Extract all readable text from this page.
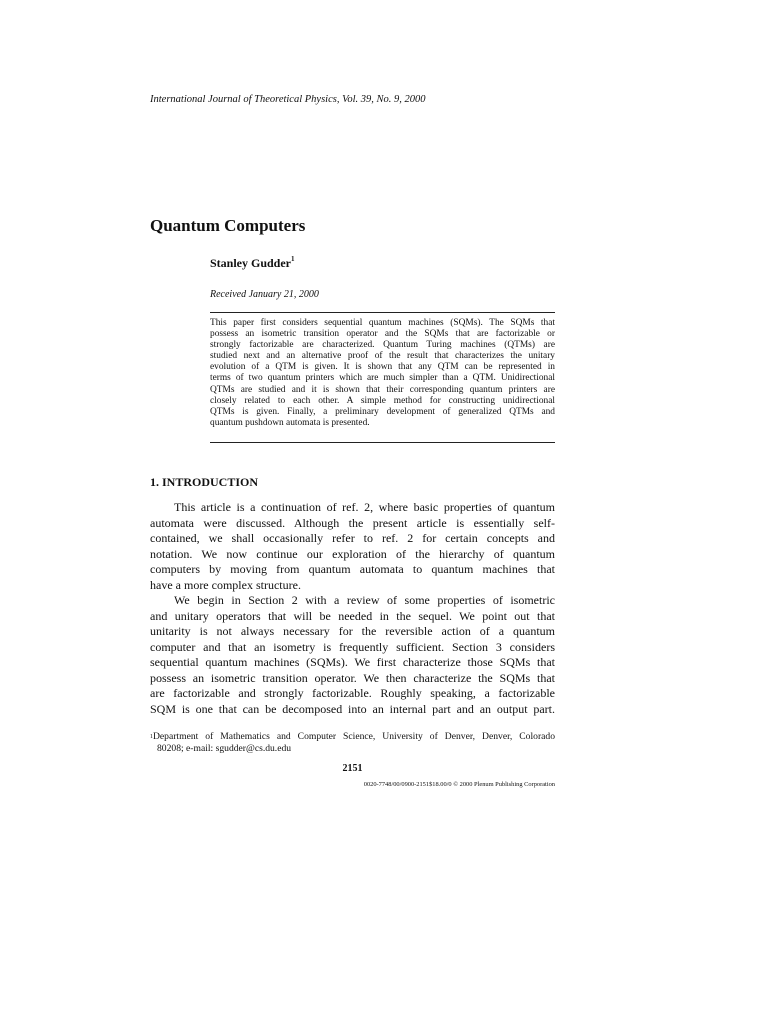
International Journal of Theoretical Physics, Vol. 39, No. 9, 2000
Quantum Computers
Stanley Gudder$^1$
Received January 21, 2000
This paper first considers sequential quantum machines (SQMs). The SQMs that
possess an isometric transition operator and the SQMs that are factorizable or
strongly factorizable are characterized. Quantum Turing machines (QTMs) are
studied next and an alternative proof of the result that characterizes the unitary
evolution of a QTM is given. It is shown that any QTM can be represented in
terms of two quantum printers which are much simpler than a QTM. Unidirectional
QTMs are studied and it is shown that their corresponding quantum printers are
closely related to each other. A simple method for constructing unidirectional
QTMs is given. Finally, a preliminary development of generalized QTMs and
quantum pushdown automata is presented.
1. INTRODUCTION
This article is a continuation of ref. 2, where basic properties of quantum
automata were discussed. Although the present article is essentially self-
contained, we shall occasionally refer to ref. 2 for certain concepts and
notation. We now continue our exploration of the hierarchy of quantum
computers by moving from quantum automata to quantum machines that
have a more complex structure.
We begin in Section 2 with a review of some properties of isometric
and unitary operators that will be needed in the sequel. We point out that
unitarity is not always necessary for the reversible action of a quantum
computer and that an isometry is frequently sufficient. Section 3 considers
sequential quantum machines (SQMs). We first characterize those SQMs that
possess an isometric transition operator. We then characterize the SQMs that
are factorizable and strongly factorizable. Roughly speaking, a factorizable
SQM is one that can be decomposed into an internal part and an output part.
$^1$Department of Mathematics and Computer Science, University of Denver, Denver, Colorado
80208; e-mail: sgudder@cs.du.edu
2151
0020-7748/00/0900-2151$18.00/0 © 2000 Plenum Publishing Corporation
